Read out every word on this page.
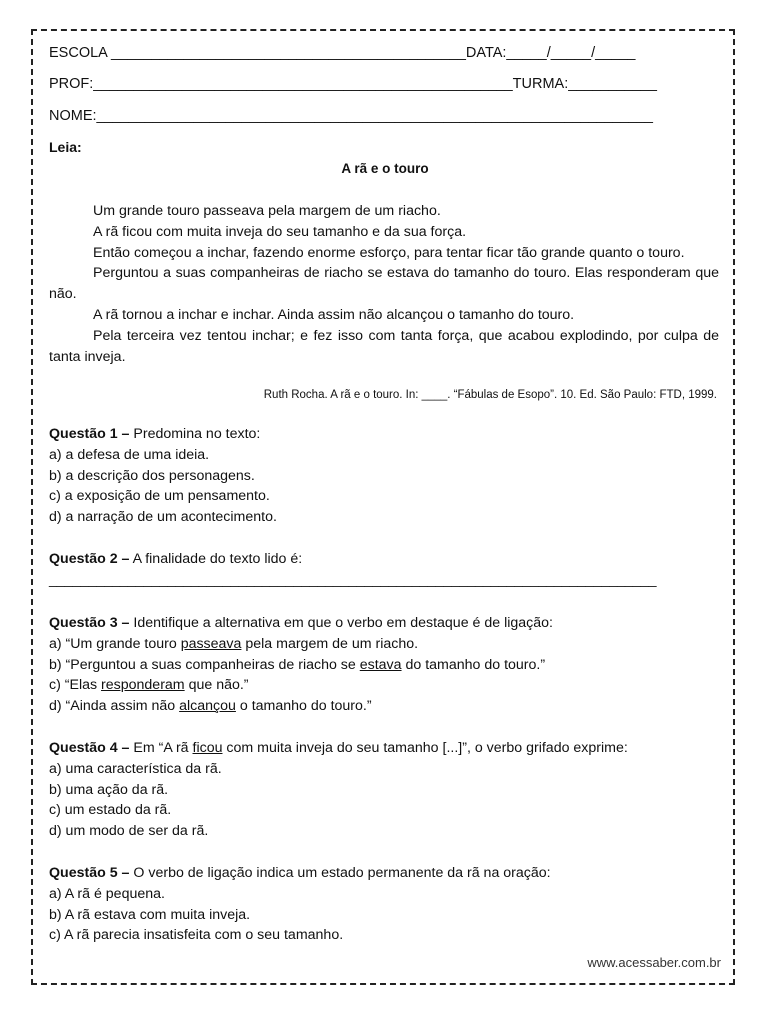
ESCOLA ____________________________________________DATA:_____/_____/_____
PROF:____________________________________________________TURMA:___________
NOME:_____________________________________________________________________
Leia:
A rã e o touro

Um grande touro passeava pela margem de um riacho.

A rã ficou com muita inveja do seu tamanho e da sua força.

Então começou a inchar, fazendo enorme esforço, para tentar ficar tão grande quanto o touro.

Perguntou a suas companheiras de riacho se estava do tamanho do touro. Elas responderam que não.

A rã tornou a inchar e inchar. Ainda assim não alcançou o tamanho do touro.

Pela terceira vez tentou inchar; e fez isso com tanta força, que acabou explodindo, por culpa de tanta inveja.

Ruth Rocha. A rã e o touro. In: ____. “Fábulas de Esopo”. 10. Ed. São Paulo: FTD, 1999.
Questão 1 – Predomina no texto:
a) a defesa de uma ideia.
b) a descrição dos personagens.
c) a exposição de um pensamento.
d) a narração de um acontecimento.
Questão 2 – A finalidade do texto lido é:
_____________________________________________________________________________
Questão 3 – Identifique a alternativa em que o verbo em destaque é de ligação:
a) “Um grande touro passeava pela margem de um riacho.
b) “Perguntou a suas companheiras de riacho se estava do tamanho do touro.”
c) “Elas responderam que não.”
d) “Ainda assim não alcançou o tamanho do touro.”
Questão 4 – Em “A rã ficou com muita inveja do seu tamanho [...]”, o verbo grifado exprime:
a) uma característica da rã.
b) uma ação da rã.
c) um estado da rã.
d) um modo de ser da rã.
Questão 5 – O verbo de ligação indica um estado permanente da rã na oração:
a) A rã é pequena.
b) A rã estava com muita inveja.
c) A rã parecia insatisfeita com o seu tamanho.
www.acessaber.com.br
